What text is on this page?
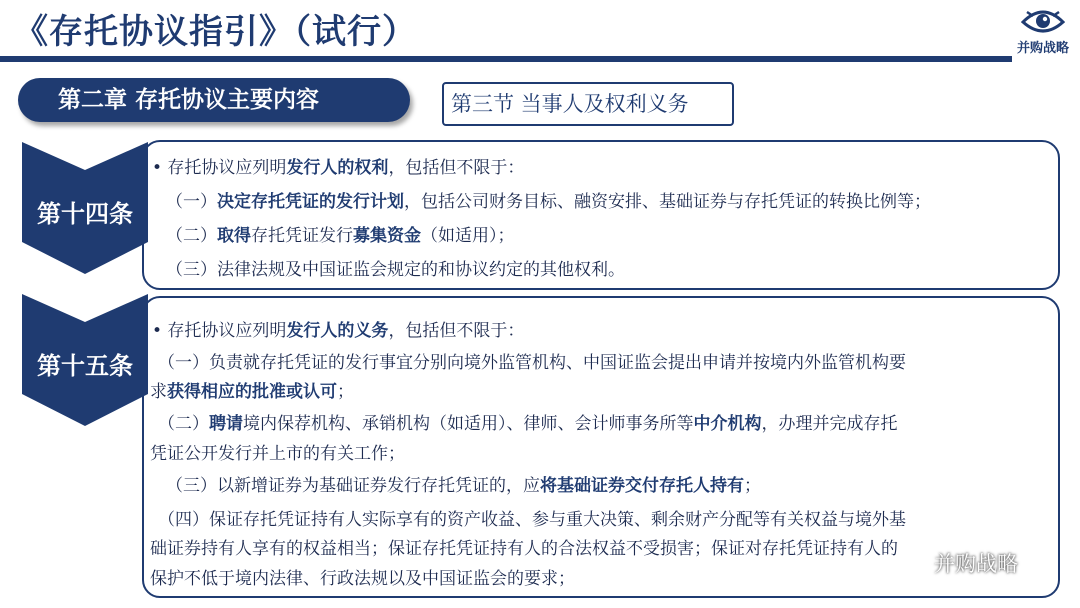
《存托协议指引》（试行）	并购战略
第二章 存托协议主要内容	第三节 当事人及权利义务
• 存托协议应列明发行人的权利，包括但不限于：
（一）决定存托凭证的发行计划，包括公司财务目标、融资安排、基础证券与存托凭证的转换比例等；
（二）取得存托凭证发行募集资金（如适用）；
（三）法律法规及中国证监会规定的和协议约定的其他权利。
第十四条
• 存托协议应列明发行人的义务，包括但不限于：
（一）负责就存托凭证的发行事宜分别向境外监管机构、中国证监会提出申请并按境内外监管机构要
求获得相应的批准或认可；
（二）聘请境内保荐机构、承销机构（如适用）、律师、会计师事务所等中介机构，办理并完成存托
凭证公开发行并上市的有关工作；
（三）以新增证券为基础证券发行存托凭证的，应将基础证券交付存托人持有；
（四）保证存托凭证持有人实际享有的资产收益、参与重大决策、剩余财产分配等有关权益与境外基
础证券持有人享有的权益相当；保证存托凭证持有人的合法权益不受损害；保证对存托凭证持有人的
保护不低于境内法律、行政法规以及中国证监会的要求；
第十五条
并购战略
